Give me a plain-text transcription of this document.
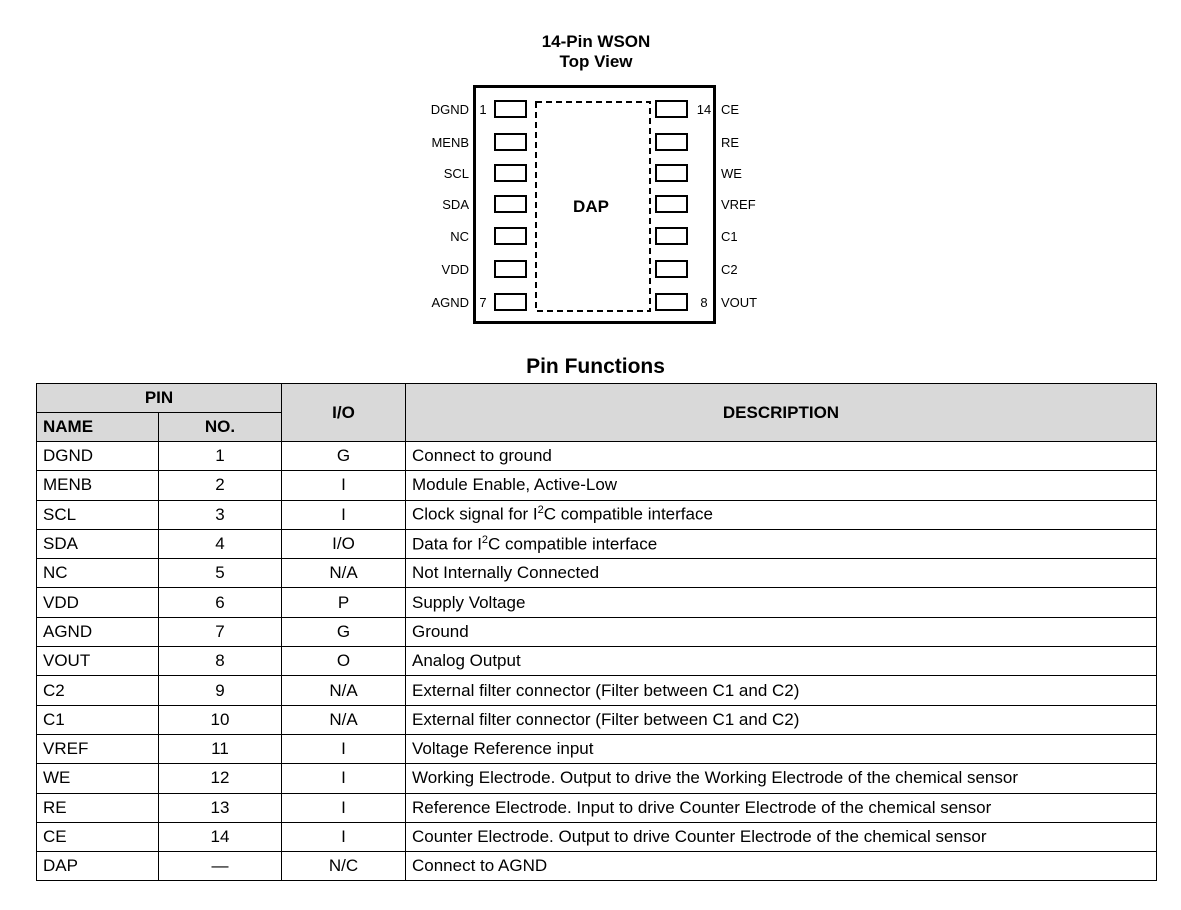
14-Pin WSON
Top View
DAP
DGND 1
MENB
SCL
SDA
NC
VDD
AGND 7
CE
14
RE
WE
VREF
C1
C2
VOUT
8
Pin Functions
PIN		I/O	DESCRIPTION
NAME	NO.		
DGND	1	G	Connect to ground
MENB	2	I	Module Enable, Active-Low
SCL	3	I	Clock signal for $I^2C$ compatible interface
SDA	4	I/O	Data for $I^2C$ compatible interface
NC	5	N/A	Not Internally Connected
VDD	6	P	Supply Voltage
AGND	7	G	Ground
VOUT	8	O	Analog Output
C2	9	N/A	External filter connector (Filter between C1 and C2)
C1	10	N/A	External filter connector (Filter between C1 and C2)
VREF	11	I	Voltage Reference input
WE	12	I	Working Electrode. Output to drive the Working Electrode of the chemical sensor
RE	13	I	Reference Electrode. Input to drive Counter Electrode of the chemical sensor
CE	14	I	Counter Electrode. Output to drive Counter Electrode of the chemical sensor
DAP	—	N/C	Connect to AGND
